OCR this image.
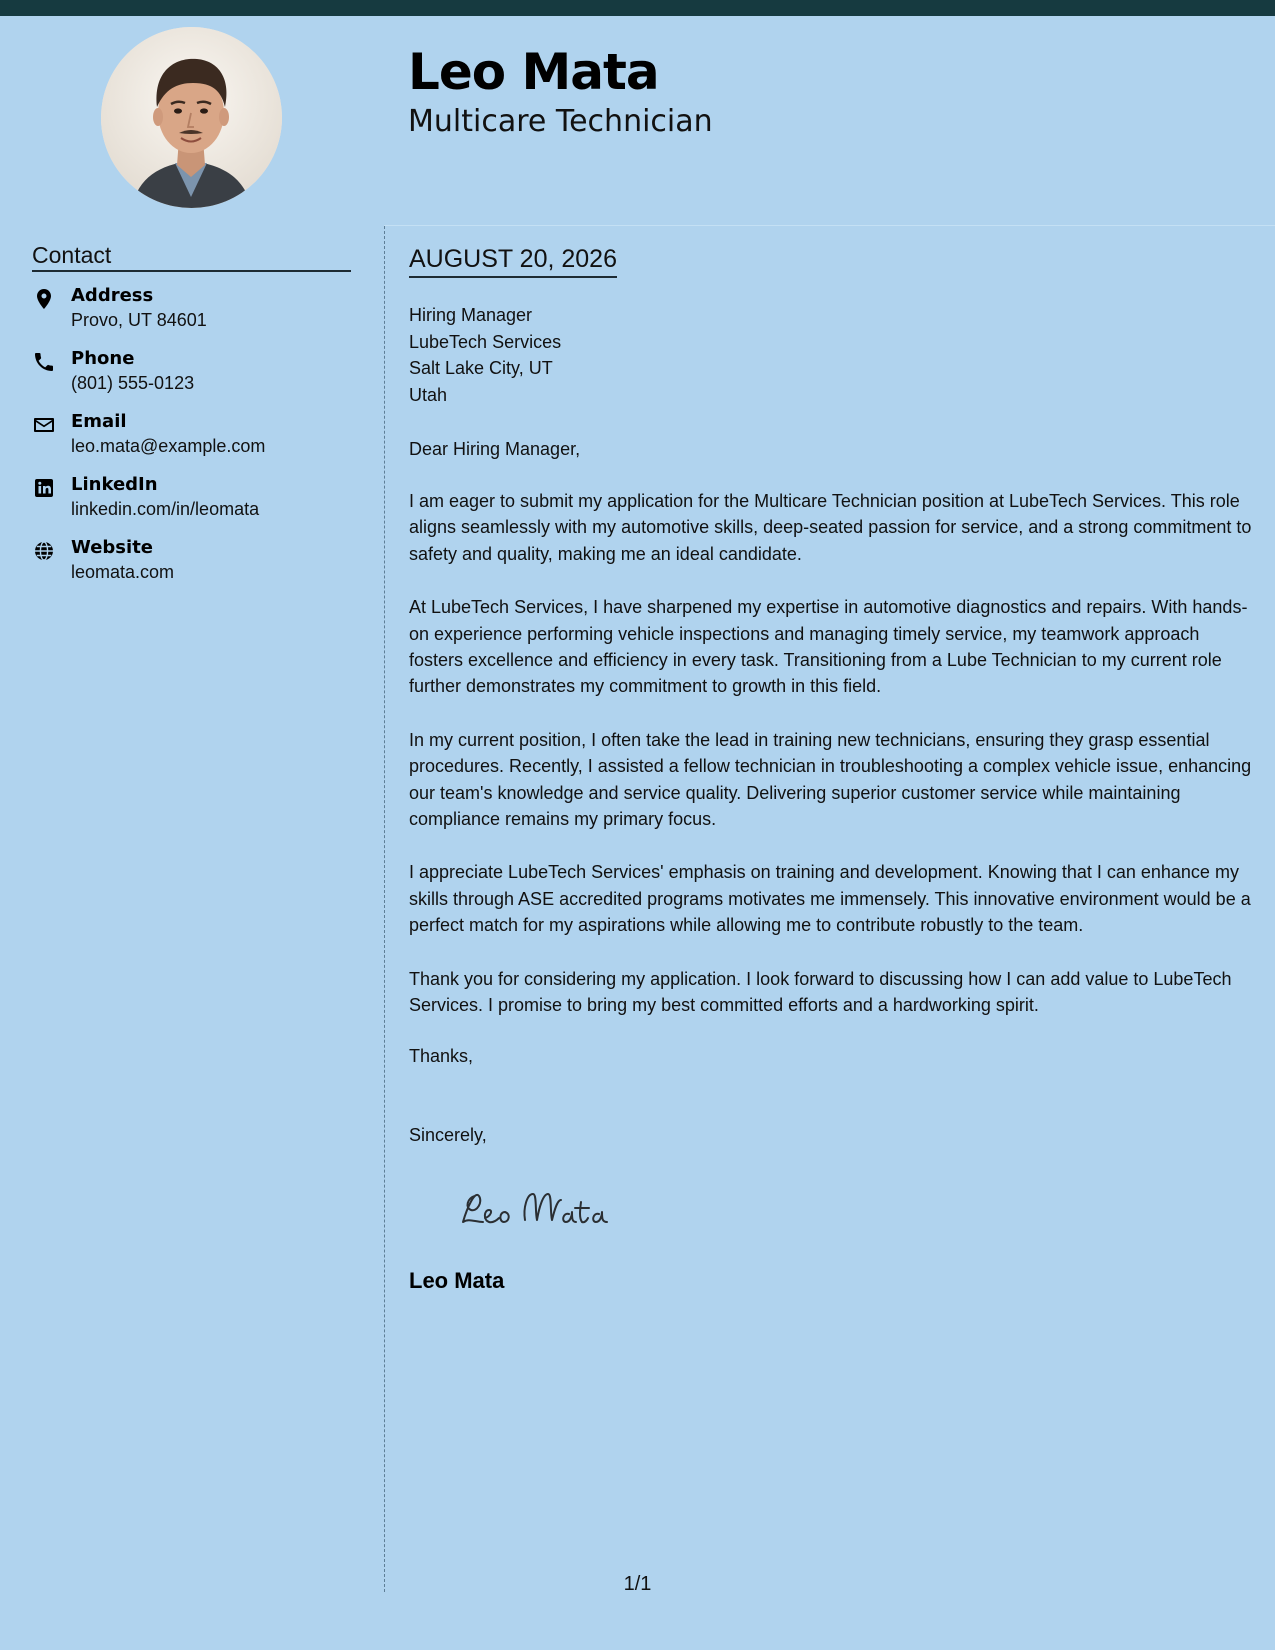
Leo Mata
Multicare Technician
Contact
Address
Provo, UT 84601
Phone
(801) 555-0123
Email
leo.mata@example.com
LinkedIn
linkedin.com/in/leomata
Website
leomata.com
AUGUST 20, 2026
Hiring Manager
LubeTech Services
Salt Lake City, UT
Utah
Dear Hiring Manager,

I am eager to submit my application for the Multicare Technician position at LubeTech Services. This role aligns seamlessly with my automotive skills, deep-seated passion for service, and a strong commitment to safety and quality, making me an ideal candidate.

At LubeTech Services, I have sharpened my expertise in automotive diagnostics and repairs. With hands-on experience performing vehicle inspections and managing timely service, my teamwork approach fosters excellence and efficiency in every task. Transitioning from a Lube Technician to my current role further demonstrates my commitment to growth in this field.

In my current position, I often take the lead in training new technicians, ensuring they grasp essential procedures. Recently, I assisted a fellow technician in troubleshooting a complex vehicle issue, enhancing our team's knowledge and service quality. Delivering superior customer service while maintaining compliance remains my primary focus.

I appreciate LubeTech Services' emphasis on training and development. Knowing that I can enhance my skills through ASE accredited programs motivates me immensely. This innovative environment would be a perfect match for my aspirations while allowing me to contribute robustly to the team.

Thank you for considering my application. I look forward to discussing how I can add value to LubeTech Services. I promise to bring my best committed efforts and a hardworking spirit.

Thanks,
Sincerely,
Leo Mata
1/1
